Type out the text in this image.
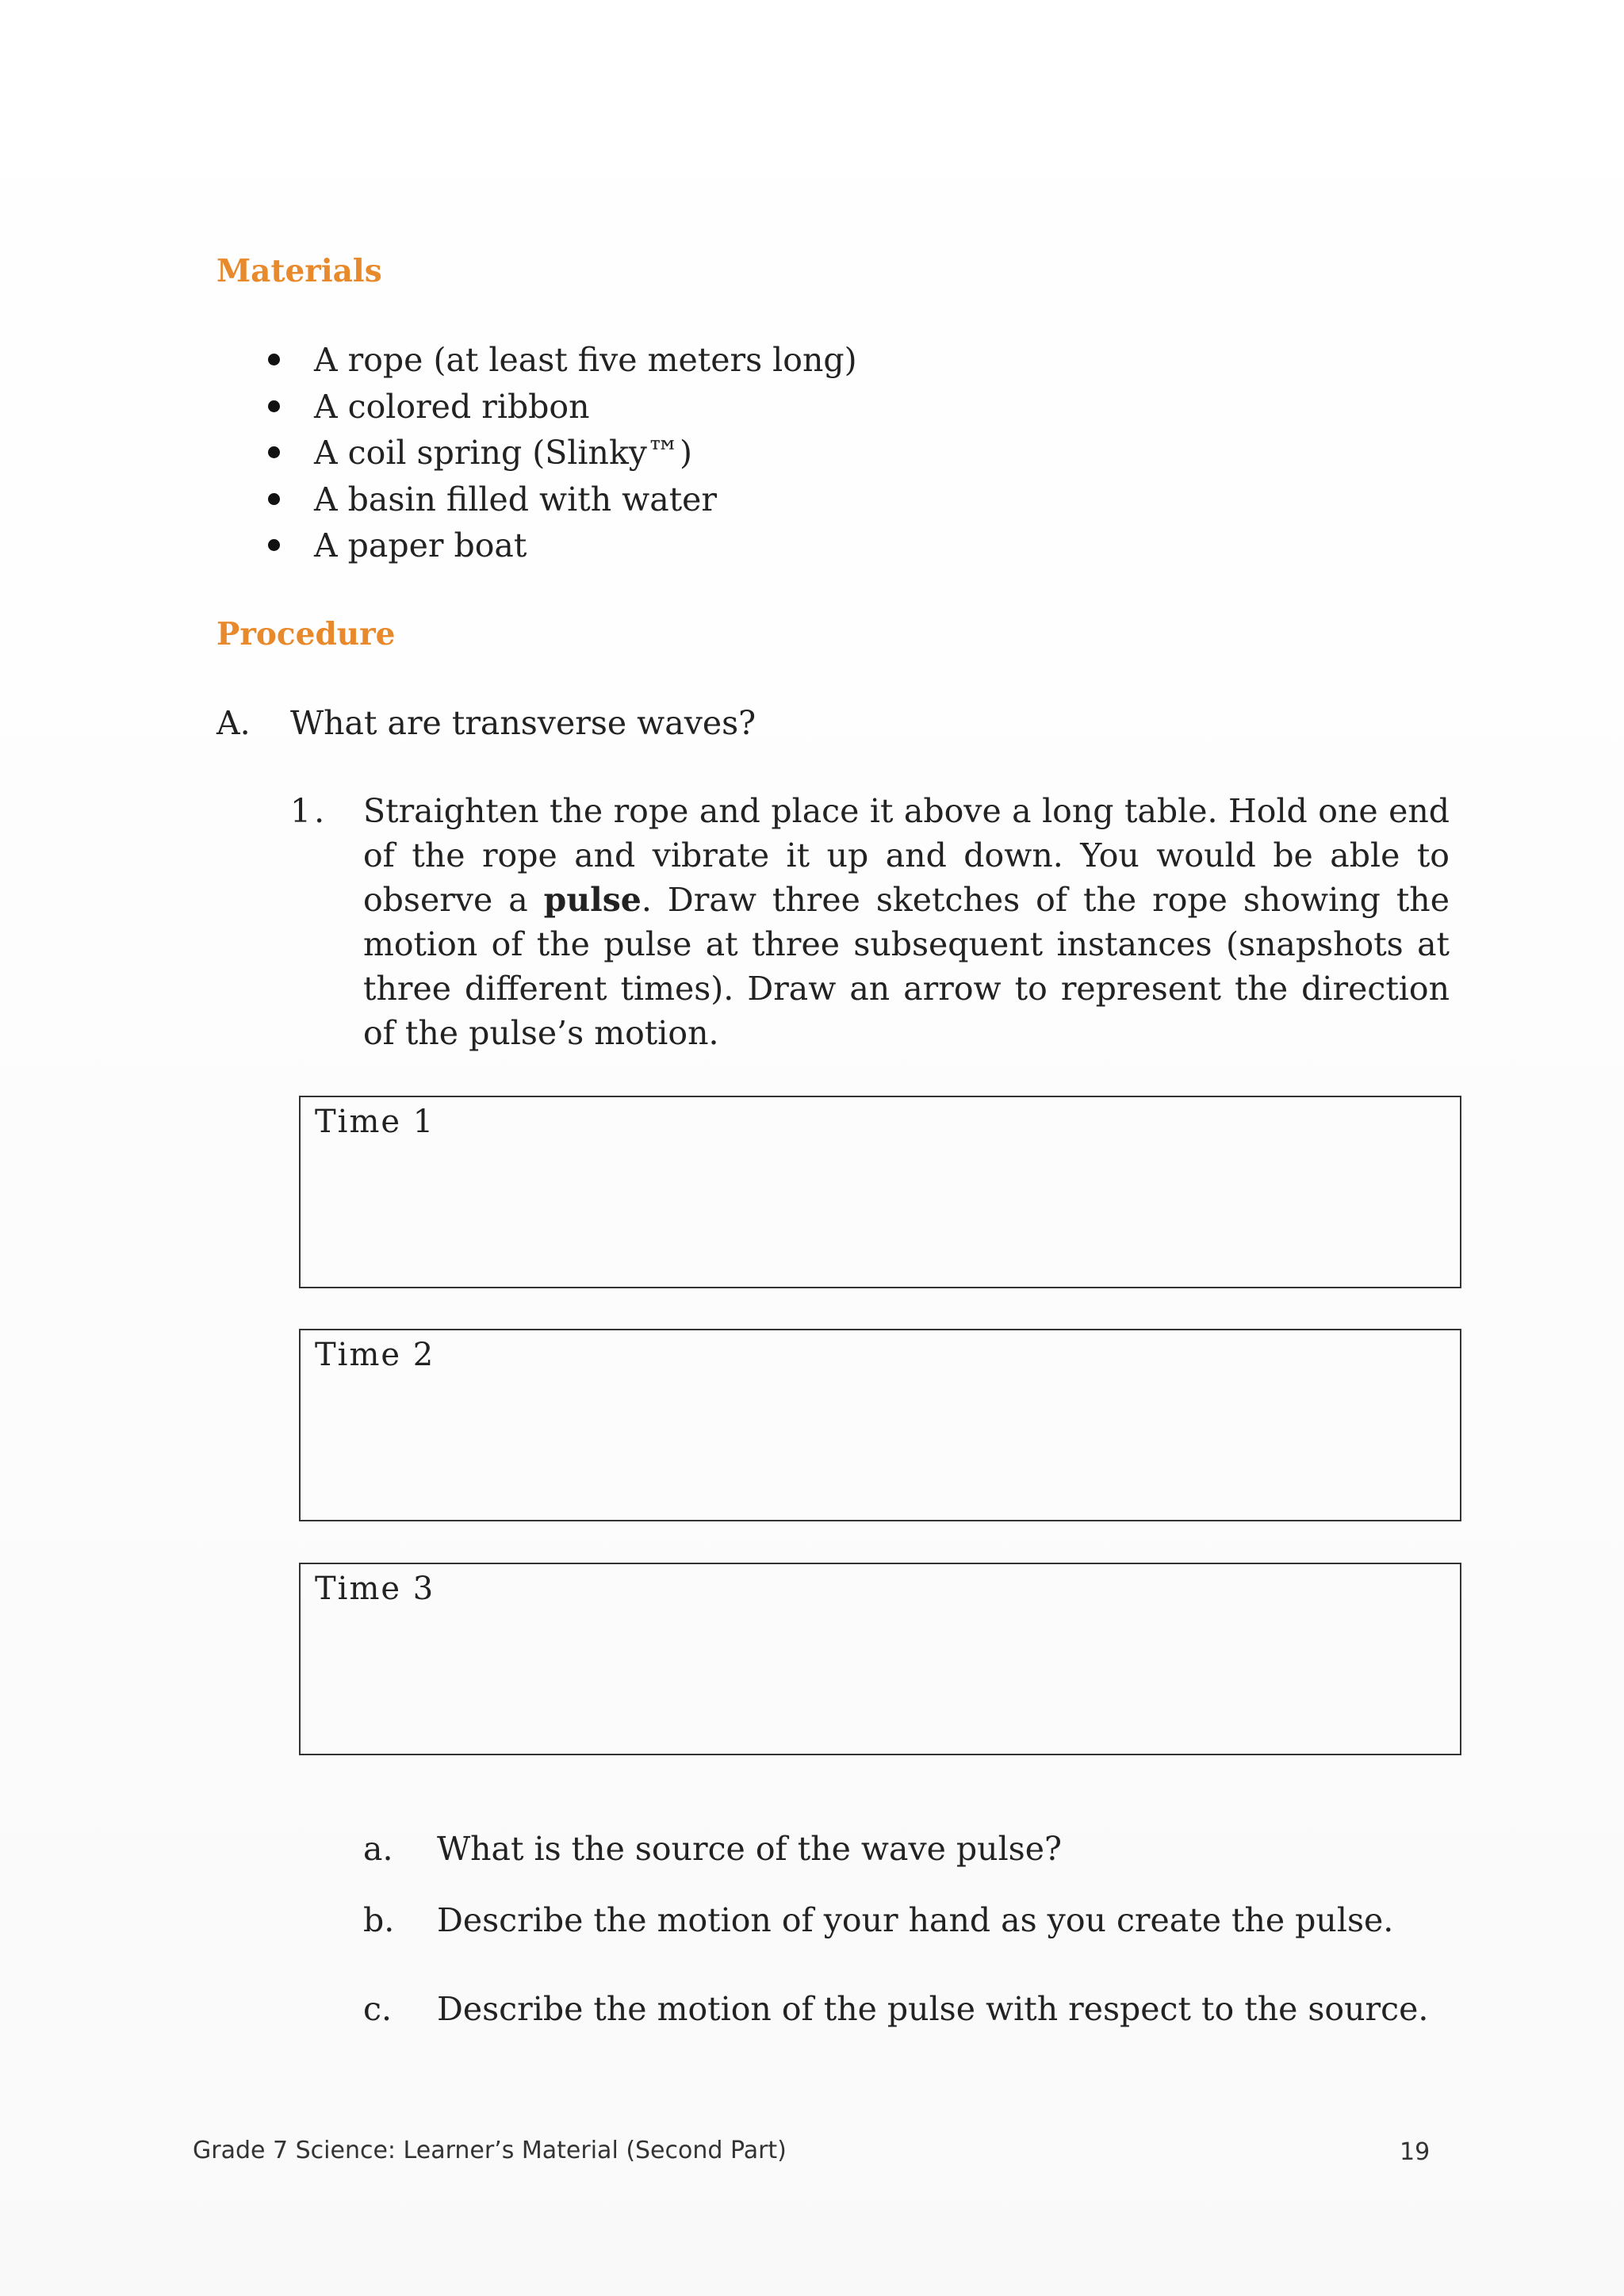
Materials
A rope (at least five meters long)
A colored ribbon
A coil spring (Slinky™)
A basin filled with water
A paper boat
Procedure
A. What are transverse waves?
1. Straighten the rope and place it above a long table. Hold one end of the rope and vibrate it up and down. You would be able to observe a pulse. Draw three sketches of the rope showing the motion of the pulse at three subsequent instances (snapshots at three different times). Draw an arrow to represent the direction of the pulse’s motion.

Time 1
Time 2
Time 3
a. What is the source of the wave pulse?
b. Describe the motion of your hand as you create the pulse.
c. Describe the motion of the pulse with respect to the source.
Grade 7 Science: Learner’s Material (Second Part)	19
